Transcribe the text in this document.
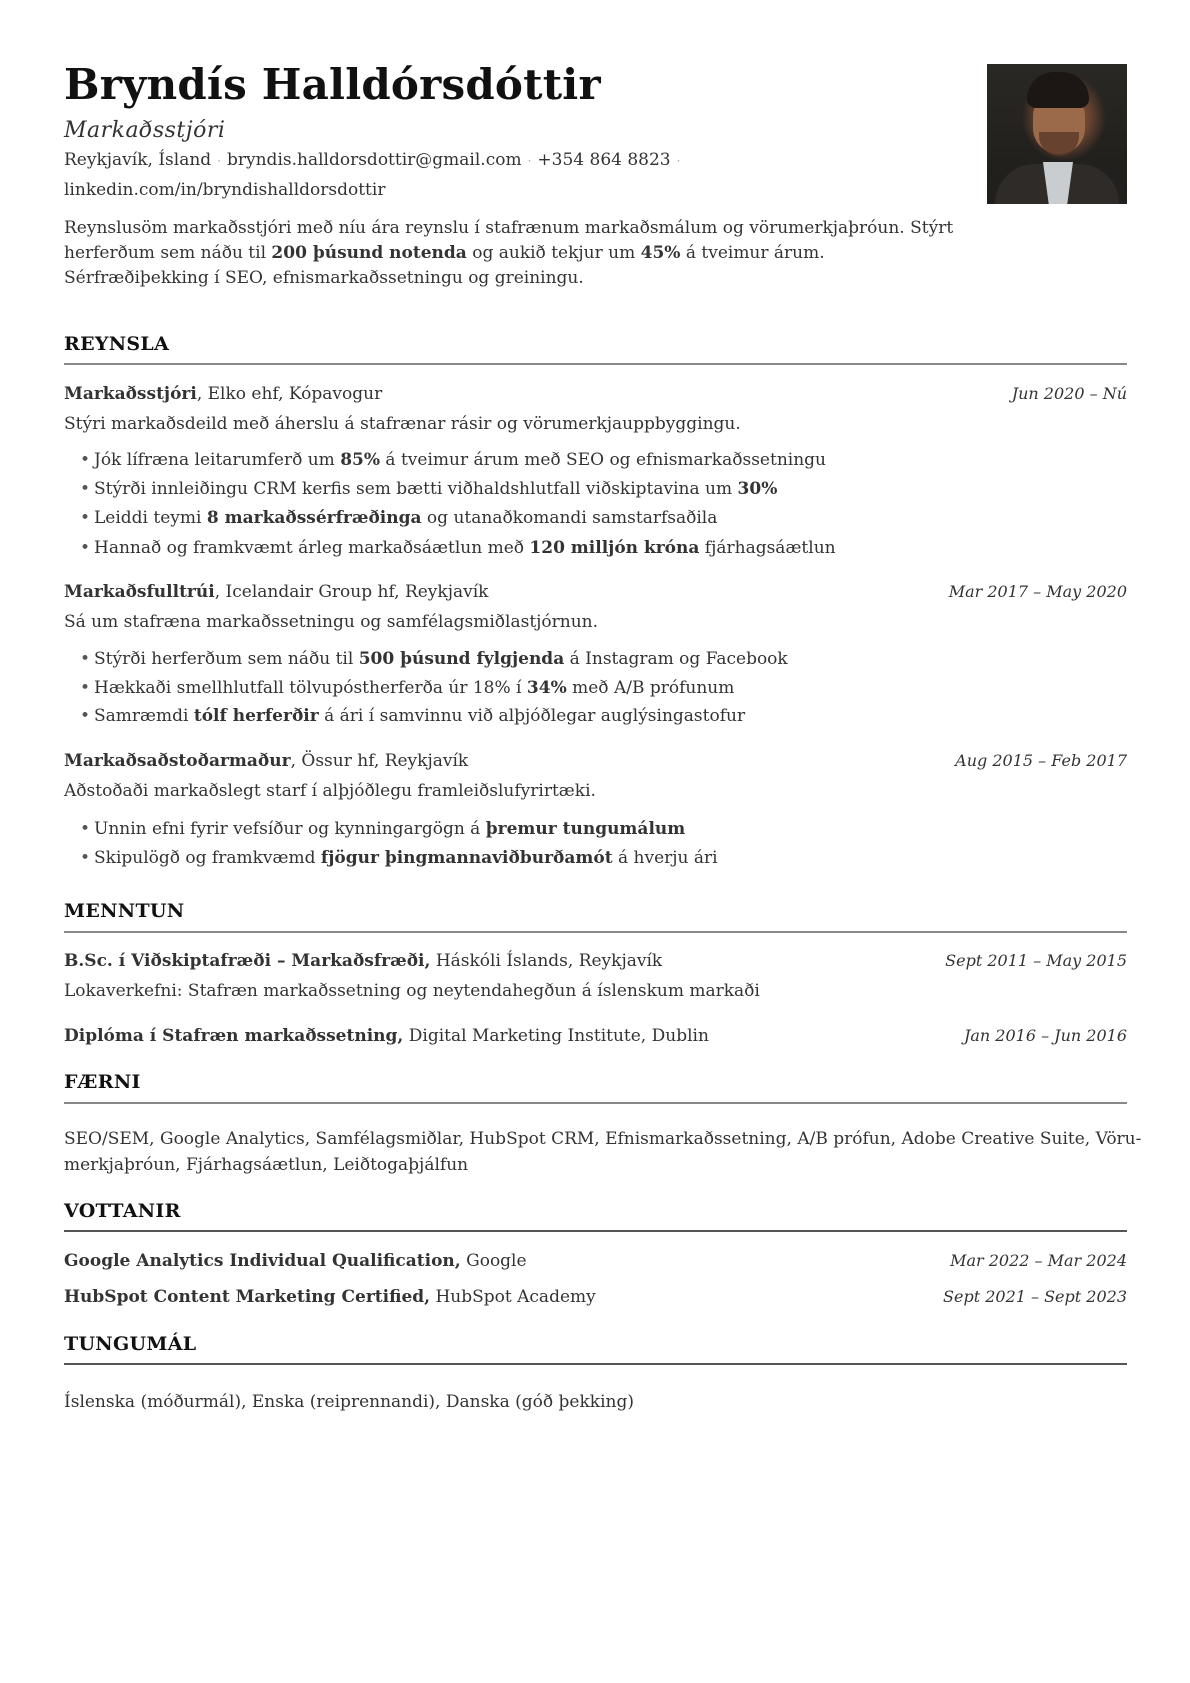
Bryndís Halldórsdóttir
Markaðsstjóri
Reykjavík, Ísland · bryndis.halldorsdottir@gmail.com · +354 864 8823 ·
linkedin.com/in/bryndishalldorsdottir
Reynslusöm markaðsstjóri með níu ára reynslu í stafrænum markaðsmálum og vörumerkjaþróun. Stýrt herferðum sem náðu til 200 þúsund notenda og aukið tekjur um 45% á tveimur árum. Sérfræðiþekking í SEO, efnismarkaðssetningu og greiningu.
REYNSLA
Markaðsstjóri, Elko ehf, Kópavogur	Jun 2020 – Nú
Stýri markaðsdeild með áherslu á stafrænar rásir og vörumerkjauppbyggingu.
• Jók lífræna leitarumferð um 85% á tveimur árum með SEO og efnismarkaðssetningu
• Stýrði innleiðingu CRM kerfis sem bætti viðhaldshlutfall viðskiptavina um 30%
• Leiddi teymi 8 markaðssérfræðinga og utanaðkomandi samstarfsaðila
• Hannað og framkvæmt árleg markaðsáætlun með 120 milljón króna fjárhagsáætlun
Markaðsfulltrúi, Icelandair Group hf, Reykjavík	Mar 2017 – May 2020
Sá um stafræna markaðssetningu og samfélagsmiðlastjórnun.
• Stýrði herferðum sem náðu til 500 þúsund fylgjenda á Instagram og Facebook
• Hækkaði smellhlutfall tölvupóstherferða úr 18% í 34% með A/B prófunum
• Samræmdi tólf herferðir á ári í samvinnu við alþjóðlegar auglýsingastofur
Markaðsaðstoðarmaður, Össur hf, Reykjavík	Aug 2015 – Feb 2017
Aðstoðaði markaðslegt starf í alþjóðlegu framleiðslufyrirtæki.
• Unnin efni fyrir vefsíður og kynningargögn á þremur tungumálum
• Skipulögð og framkvæmd fjögur þingmannaviðburðamót á hverju ári
MENNTUN
B.Sc. í Viðskiptafræði – Markaðsfræði, Háskóli Íslands, Reykjavík	Sept 2011 – May 2015
Lokaverkefni: Stafræn markaðssetning og neytendahegðun á íslenskum markaði
Diplóma í Stafræn markaðssetning, Digital Marketing Institute, Dublin	Jan 2016 – Jun 2016
FÆRNI
SEO/SEM, Google Analytics, Samfélagsmiðlar, HubSpot CRM, Efnismarkaðssetning, A/B prófun, Adobe Creative Suite, Vöru-
merkjaþróun, Fjárhagsáætlun, Leiðtogaþjálfun
VOTTANIR
Google Analytics Individual Qualification, Google	Mar 2022 – Mar 2024
HubSpot Content Marketing Certified, HubSpot Academy	Sept 2021 – Sept 2023
TUNGUMÁL
Íslenska (móðurmál), Enska (reiprennandi), Danska (góð þekking)
